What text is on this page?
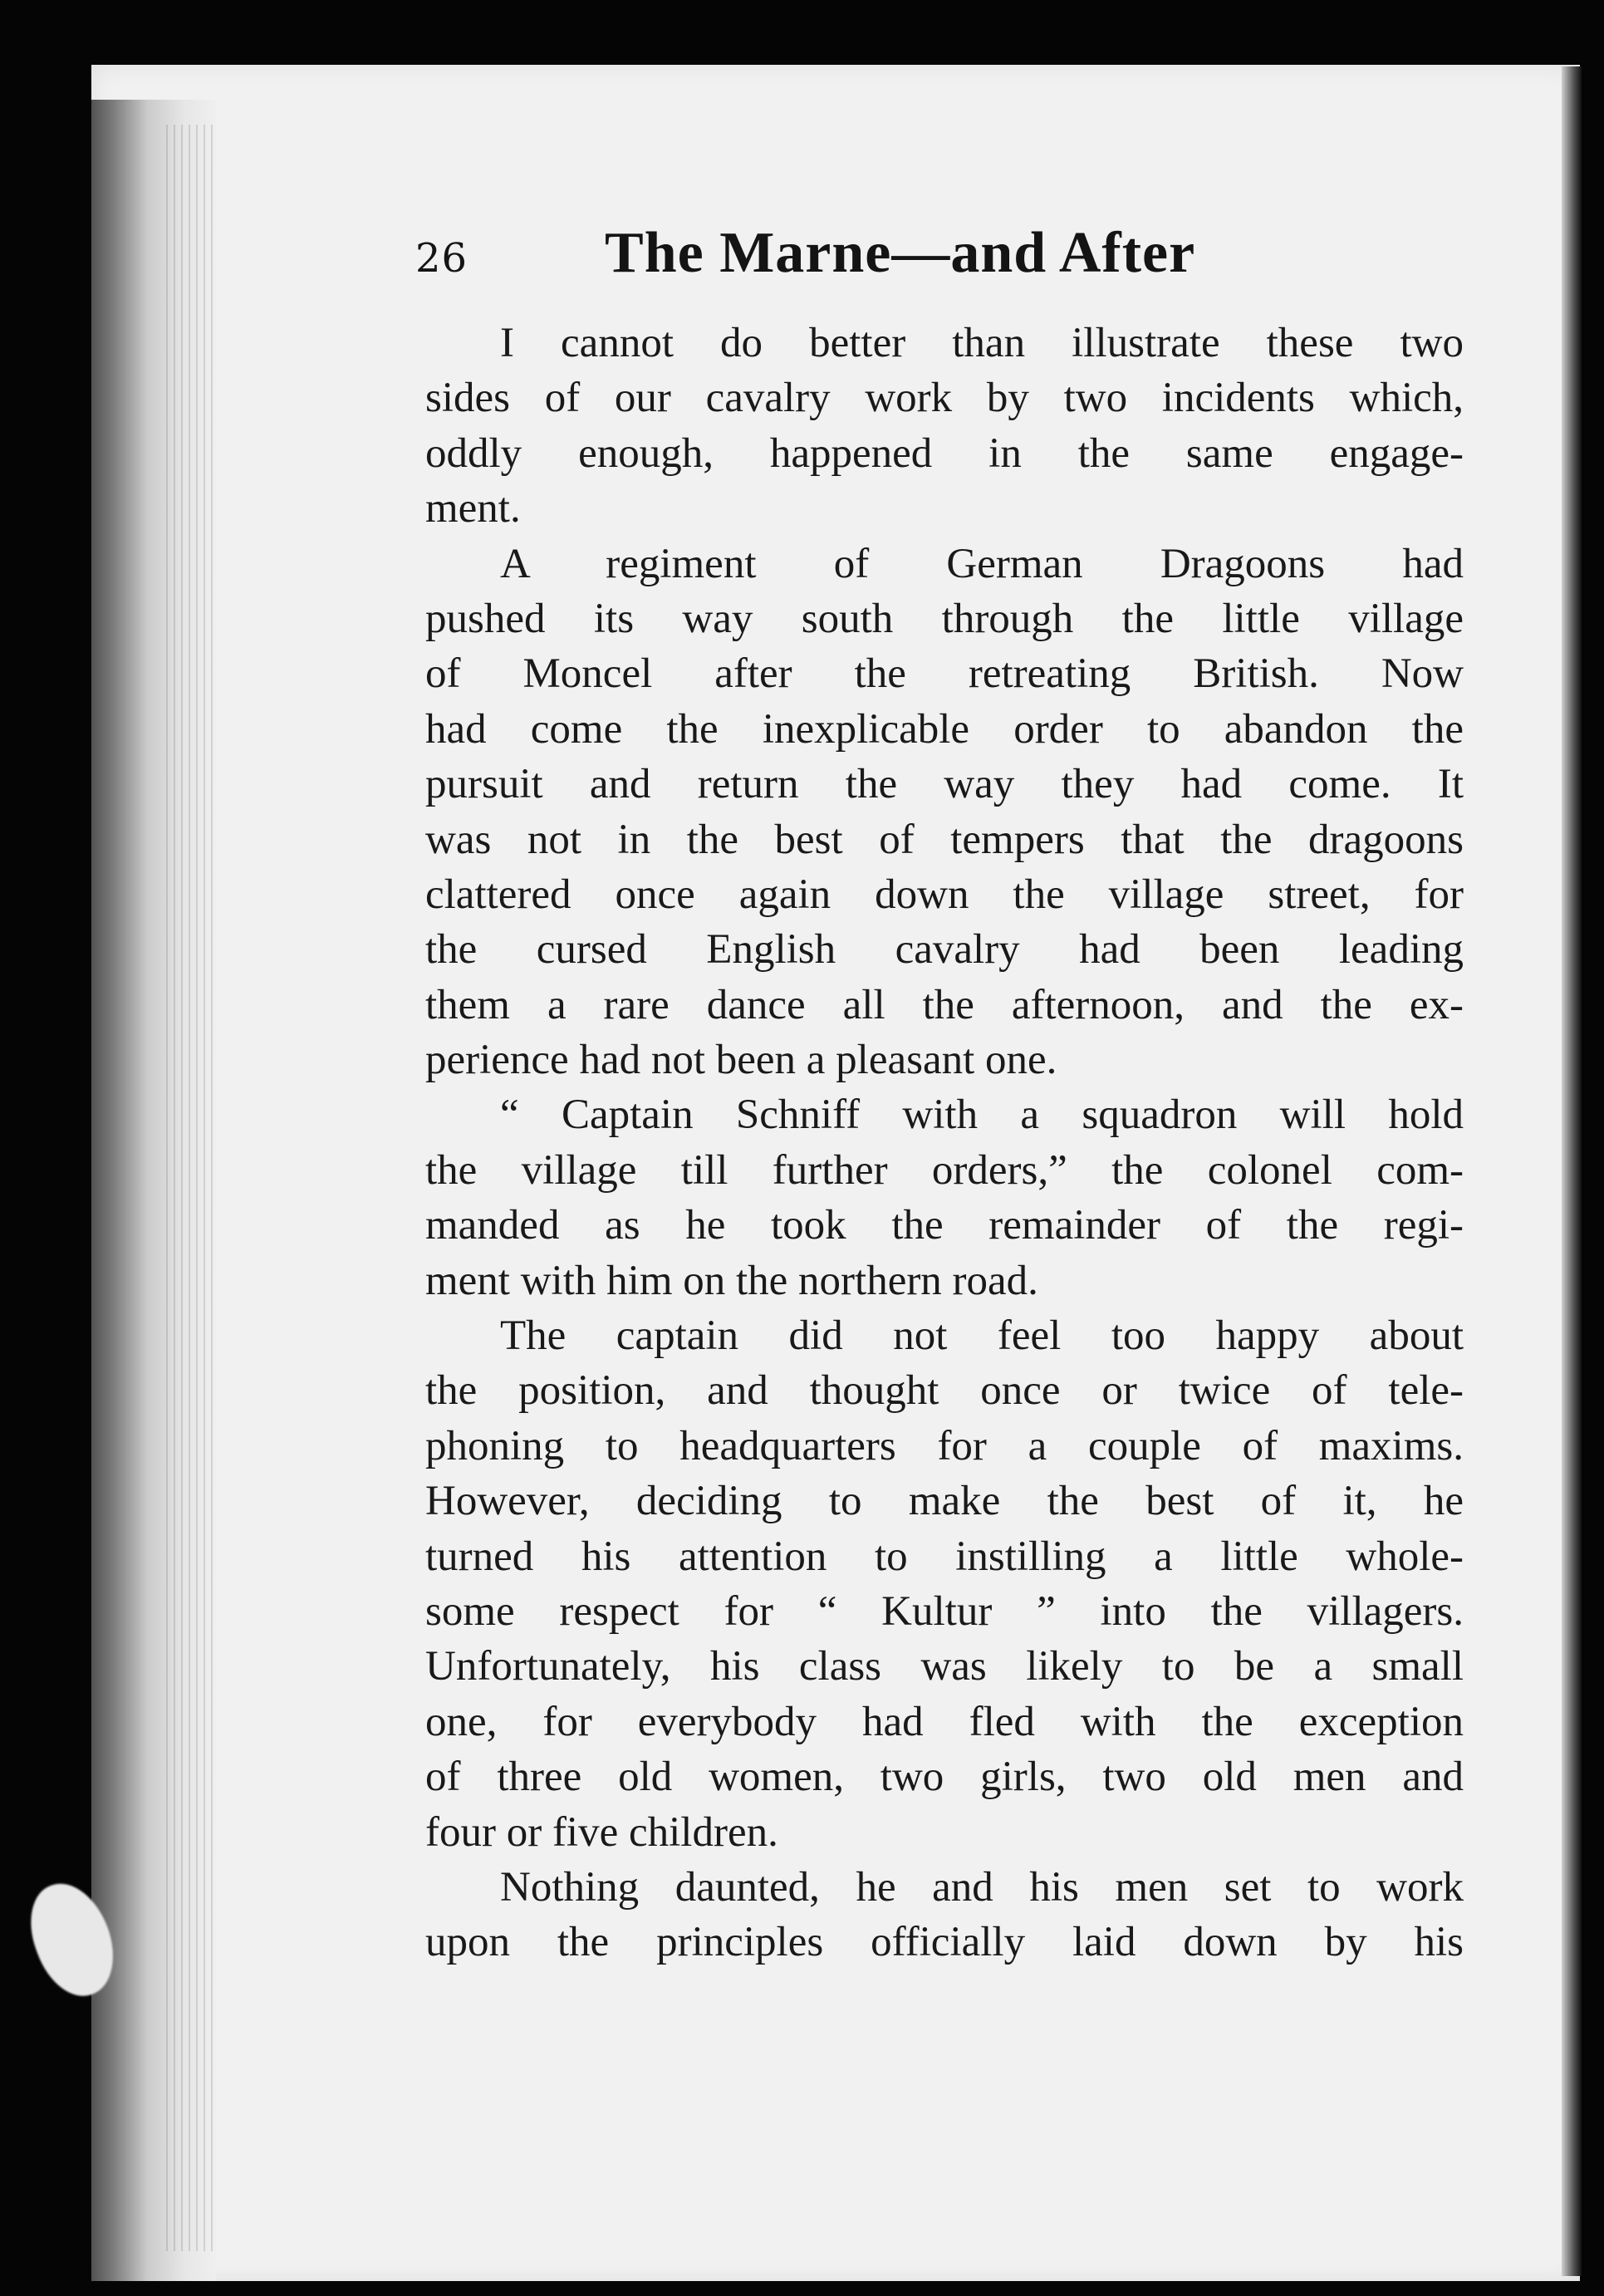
26 The Marne—and After
I cannot do better than illustrate these two
sides of our cavalry work by two incidents which,
oddly enough, happened in the same engage-
ment.
A regiment of German Dragoons had
pushed its way south through the little village
of Moncel after the retreating British. Now
had come the inexplicable order to abandon the
pursuit and return the way they had come. It
was not in the best of tempers that the dragoons
clattered once again down the village street, for
the cursed English cavalry had been leading
them a rare dance all the afternoon, and the ex-
perience had not been a pleasant one.
“ Captain Schniff with a squadron will hold
the village till further orders,” the colonel com-
manded as he took the remainder of the regi-
ment with him on the northern road.
The captain did not feel too happy about
the position, and thought once or twice of tele-
phoning to headquarters for a couple of maxims.
However, deciding to make the best of it, he
turned his attention to instilling a little whole-
some respect for “ Kultur ” into the villagers.
Unfortunately, his class was likely to be a small
one, for everybody had fled with the exception
of three old women, two girls, two old men and
four or five children.
Nothing daunted, he and his men set to work
upon the principles officially laid down by his
